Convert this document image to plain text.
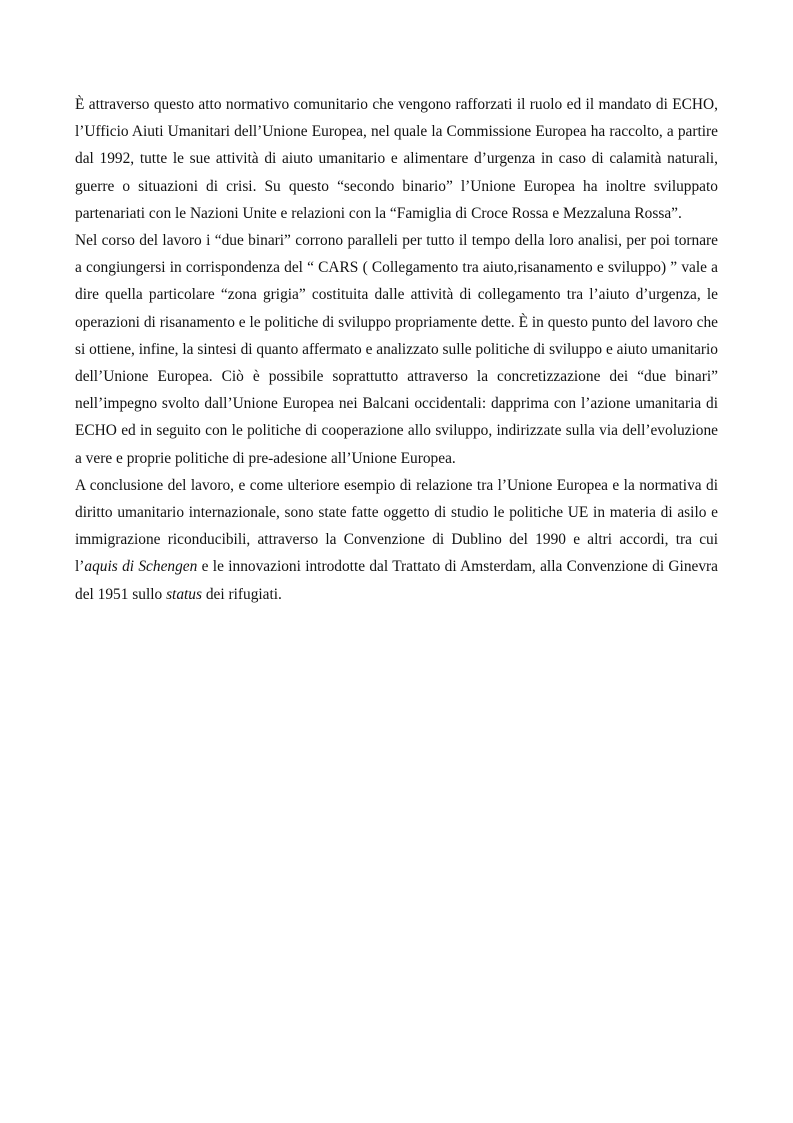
È attraverso questo atto normativo comunitario che vengono rafforzati il ruolo ed il mandato di ECHO, l’Ufficio Aiuti Umanitari dell’Unione Europea, nel quale la Commissione Europea ha raccolto, a partire dal 1992, tutte le sue attività di aiuto umanitario e alimentare d’urgenza in caso di calamità naturali, guerre o situazioni di crisi. Su questo “secondo binario” l’Unione Europea ha inoltre sviluppato partenariati con le Nazioni Unite e relazioni con la “Famiglia di Croce Rossa e Mezzaluna Rossa”.

Nel corso del lavoro i “due binari” corrono paralleli per tutto il tempo della loro analisi, per poi tornare a congiungersi in corrispondenza del “ CARS ( Collegamento tra aiuto,risanamento e sviluppo) ” vale a dire quella particolare “zona grigia” costituita dalle attività di collegamento tra l’aiuto d’urgenza, le operazioni di risanamento e le politiche di sviluppo propriamente dette. È in questo punto del lavoro che si ottiene, infine, la sintesi di quanto affermato e analizzato sulle politiche di sviluppo e aiuto umanitario dell’Unione Europea. Ciò è possibile soprattutto attraverso la concretizzazione dei “due binari” nell’impegno svolto dall’Unione Europea nei Balcani occidentali: dapprima con l’azione umanitaria di ECHO ed in seguito con le politiche di cooperazione allo sviluppo, indirizzate sulla via dell’evoluzione a vere e proprie politiche di pre-adesione all’Unione Europea.

A conclusione del lavoro, e come ulteriore esempio di relazione tra l’Unione Europea e la normativa di diritto umanitario internazionale, sono state fatte oggetto di studio le politiche UE in materia di asilo e immigrazione riconducibili, attraverso la Convenzione di Dublino del 1990 e altri accordi, tra cui l’aquis di Schengen e le innovazioni introdotte dal Trattato di Amsterdam, alla Convenzione di Ginevra del 1951 sullo status dei rifugiati.
